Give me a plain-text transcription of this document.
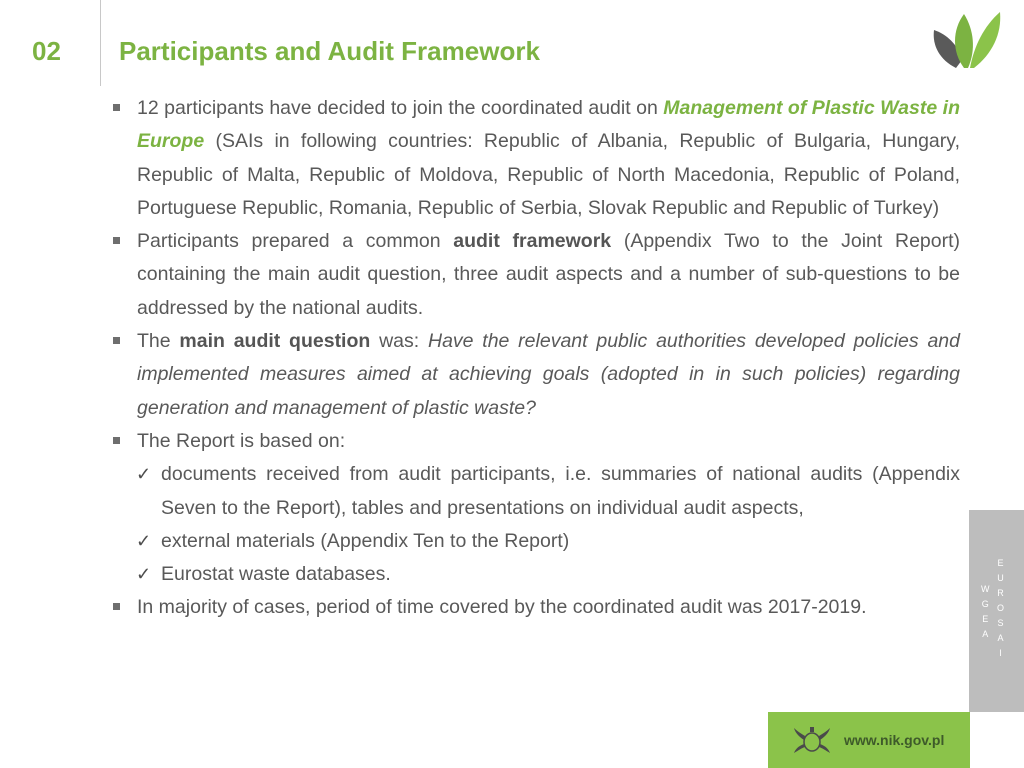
02 Participants and Audit Framework
12 participants have decided to join the coordinated audit on Management of Plastic Waste in Europe (SAIs in following countries: Republic of Albania, Republic of Bulgaria, Hungary, Republic of Malta, Republic of Moldova, Republic of North Macedonia, Republic of Poland, Portuguese Republic, Romania, Republic of Serbia, Slovak Republic and Republic of Turkey)
Participants prepared a common audit framework (Appendix Two to the Joint Report) containing the main audit question, three audit aspects and a number of sub-questions to be addressed by the national audits.
The main audit question was: Have the relevant public authorities developed policies and implemented measures aimed at achieving goals (adopted in in such policies) regarding generation and management of plastic waste?
The Report is based on:
✓ documents received from audit participants, i.e. summaries of national audits (Appendix Seven to the Report), tables and presentations on individual audit aspects,
✓ external materials (Appendix Ten to the Report)
✓ Eurostat waste databases.
In majority of cases, period of time covered by the coordinated audit was 2017-2019.
W
G
E
A
E
U
R
O
S
A
I
www.nik.gov.pl
